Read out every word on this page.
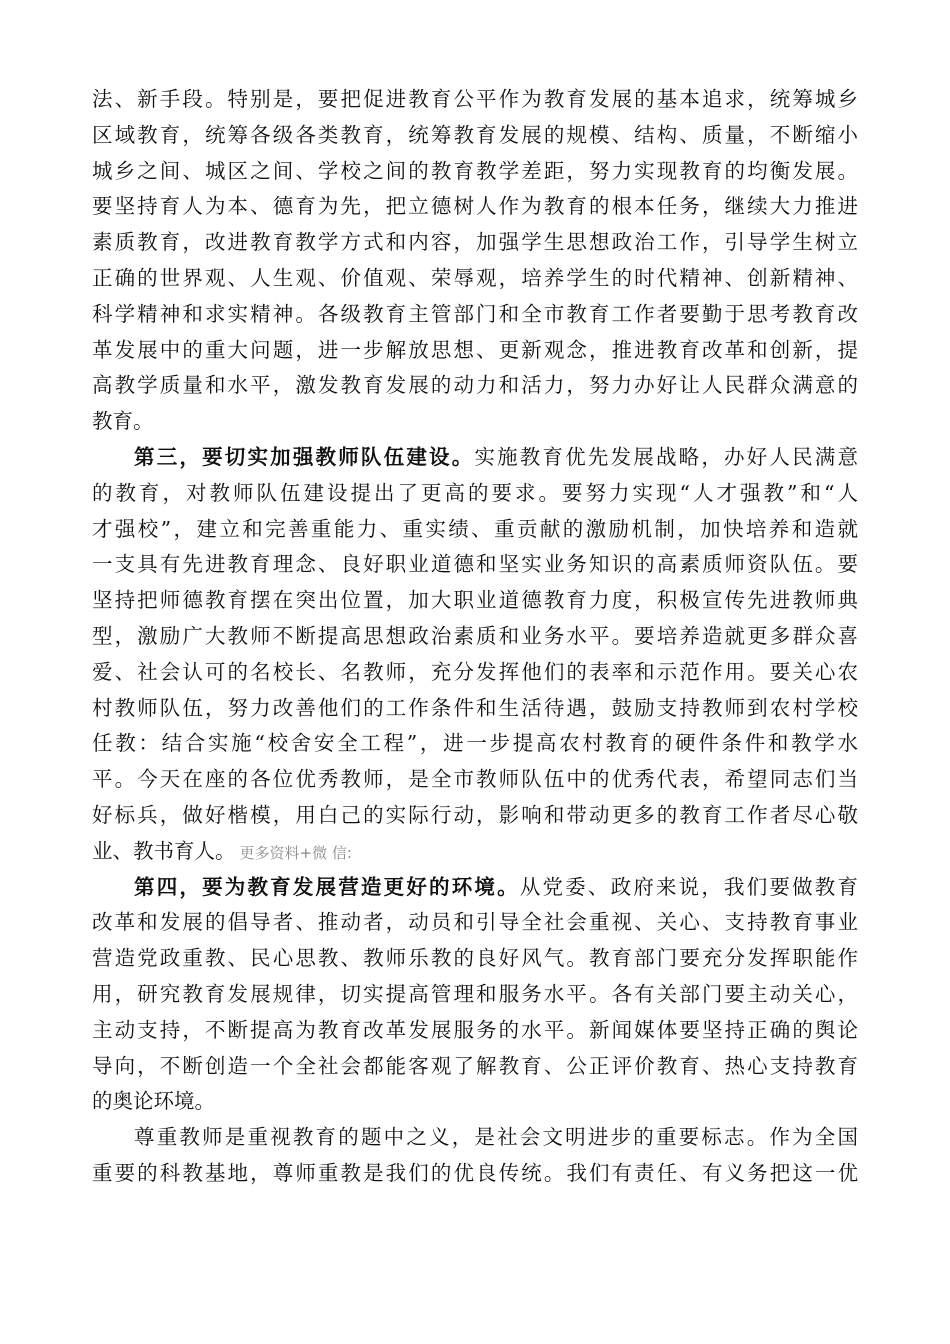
法、新手段。特别是，要把促进教育公平作为教育发展的基本追求，统筹城乡
区域教育，统筹各级各类教育，统筹教育发展的规模、结构、质量，不断缩小
城乡之间、城区之间、学校之间的教育教学差距，努力实现教育的均衡发展。
要坚持育人为本、德育为先，把立德树人作为教育的根本任务，继续大力推进
素质教育，改进教育教学方式和内容，加强学生思想政治工作，引导学生树立
正确的世界观、人生观、价值观、荣辱观，培养学生的时代精神、创新精神、
科学精神和求实精神。各级教育主管部门和全市教育工作者要勤于思考教育改
革发展中的重大问题，进一步解放思想、更新观念，推进教育改革和创新，提
高教学质量和水平，激发教育发展的动力和活力，努力办好让人民群众满意的
教育。
第三，要切实加强教师队伍建设。实施教育优先发展战略，办好人民满意
的教育，对教师队伍建设提出了更高的要求。要努力实现“人才强教”和“人
才强校”，建立和完善重能力、重实绩、重贡献的激励机制，加快培养和造就
一支具有先进教育理念、良好职业道德和坚实业务知识的高素质师资队伍。要
坚持把师德教育摆在突出位置，加大职业道德教育力度，积极宣传先进教师典
型，激励广大教师不断提高思想政治素质和业务水平。要培养造就更多群众喜
爱、社会认可的名校长、名教师，充分发挥他们的表率和示范作用。要关心农
村教师队伍，努力改善他们的工作条件和生活待遇，鼓励支持教师到农村学校
任教：结合实施“校舍安全工程”，进一步提高农村教育的硬件条件和教学水
平。今天在座的各位优秀教师，是全市教师队伍中的优秀代表，希望同志们当
好标兵，做好楷模，用白己的实际行动，影响和带动更多的教育工作者尽心敬
业、教书育人。 更多资料+微 信:
第四，要为教育发展营造更好的环境。从党委、政府来说，我们要做教育
改革和发展的倡导者、推动者，动员和引导全社会重视、关心、支持教育事业
营造党政重教、民心思教、教师乐教的良好风气。教育部门要充分发挥职能作
用，研究教育发展规律，切实提高管理和服务水平。各有关部门要主动关心，
主动支持，不断提高为教育改革发展服务的水平。新闻媒体要坚持正确的舆论
导向，不断创造一个全社会都能客观了解教育、公正评价教育、热心支持教育
的奥论环境。
尊重教师是重视教育的题中之义，是社会文明进步的重要标志。作为全国
重要的科教基地，尊师重教是我们的优良传统。我们有责任、有义务把这一优
